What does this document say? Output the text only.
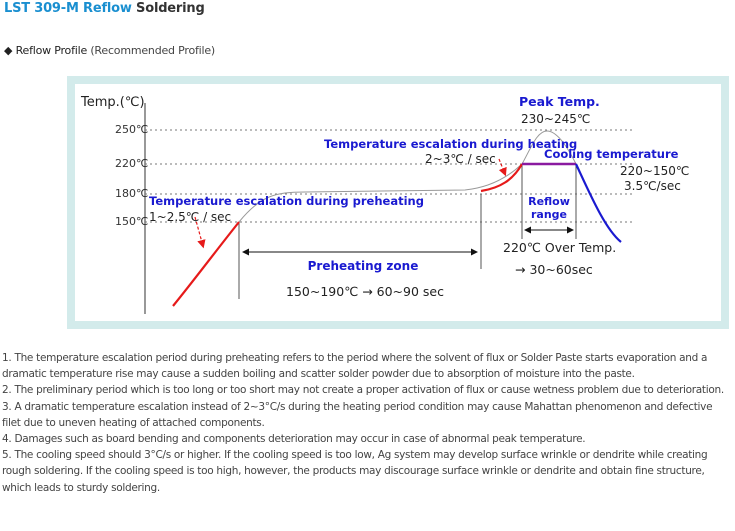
LST 309-M Reflow Soldering
◆ Reflow Profile (Recommended Profile)
Temp.(℃)
250℃
220℃
180℃
150℃
Peak Temp.
230~245℃
Temperature escalation during heating
2~3℃ / sec	Cooling temperature
220~150℃
3.5℃/sec
Temperature escalation during preheating
1~2.5℃ / sec
Reflow
range
Preheating zone
150~190℃ → 60~90 sec
220℃ Over Temp.
→ 30~60sec
1. The temperature escalation period during preheating refers to the period where the solvent of flux or Solder Paste starts evaporation and a dramatic temperature rise may cause a sudden boiling and scatter solder powder due to absorption of moisture into the paste.
2. The preliminary period which is too long or too short may not create a proper activation of flux or cause wetness problem due to deterioration.
3. A dramatic temperature escalation instead of 2~3°C/s during the heating period condition may cause Mahattan phenomenon and defective filet due to uneven heating of attached components.
4. Damages such as board bending and components deterioration may occur in case of abnormal peak temperature.
5. The cooling speed should 3°C/s or higher. If the cooling speed is too low, Ag system may develop surface wrinkle or dendrite while creating rough soldering. If the cooling speed is too high, however, the products may discourage surface wrinkle or dendrite and obtain fine structure, which leads to sturdy soldering.
